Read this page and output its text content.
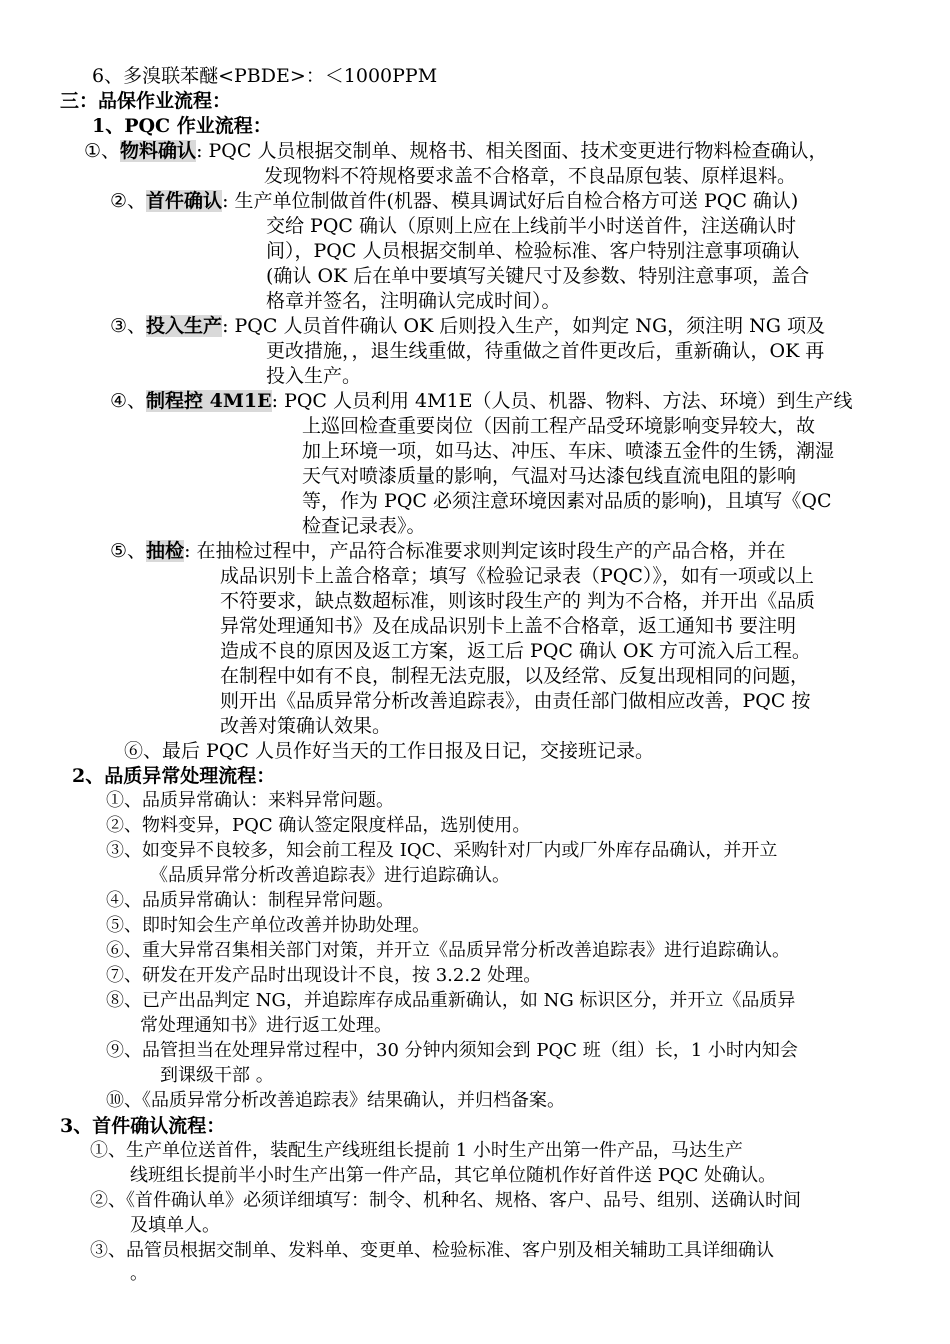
6、多溴联苯醚<PBDE>：＜1000PPM
三：品保作业流程：
1、PQC 作业流程：
①、物料确认: PQC 人员根据交制单、规格书、相关图面、技术变更进行物料检查确认，
发现物料不符规格要求盖不合格章，不良品原包装、原样退料。
②、首件确认: 生产单位制做首件(机器、模具调试好后自检合格方可送 PQC 确认)
交给 PQC 确认（原则上应在上线前半小时送首件，注送确认时
间），PQC 人员根据交制单、检验标准、客户特别注意事项确认
(确认 OK 后在单中要填写关键尺寸及参数、特别注意事项，盖合
格章并签名，注明确认完成时间）。
③、投入生产: PQC 人员首件确认 OK 后则投入生产，如判定 NG，须注明 NG 项及
更改措施，，退生线重做，待重做之首件更改后，重新确认，OK 再
投入生产。
④、制程控 4M1E: PQC 人员利用 4M1E（人员、机器、物料、方法、环境）到生产线
上巡回检查重要岗位（因前工程产品受环境影响变异较大，故
加上环境一项，如马达、冲压、车床、喷漆五金件的生锈，潮湿
天气对喷漆质量的影响，气温对马达漆包线直流电阻的影响
等，作为 PQC 必须注意环境因素对品质的影响)，且填写《QC
检查记录表》。
⑤、抽检: 在抽检过程中，产品符合标准要求则判定该时段生产的产品合格，并在
成品识别卡上盖合格章；填写《检验记录表（PQC）》，如有一项或以上
不符要求，缺点数超标准，则该时段生产的 判为不合格，并开出《品质
异常处理通知书》及在成品识别卡上盖不合格章，返工通知书 要注明
造成不良的原因及返工方案，返工后 PQC 确认 OK 方可流入后工程。
在制程中如有不良，制程无法克服，以及经常、反复出现相同的问题，
则开出《品质异常分析改善追踪表》，由责任部门做相应改善，PQC 按
改善对策确认效果。
⑥、最后 PQC 人员作好当天的工作日报及日记，交接班记录。
2、品质异常处理流程：
①、品质异常确认：来料异常问题。
②、物料变异，PQC 确认签定限度样品，选别使用。
③、如变异不良较多，知会前工程及 IQC、采购针对厂内或厂外库存品确认，并开立
《品质异常分析改善追踪表》进行追踪确认。
④、品质异常确认：制程异常问题。
⑤、即时知会生产单位改善并协助处理。
⑥、重大异常召集相关部门对策，并开立《品质异常分析改善追踪表》进行追踪确认。
⑦、研发在开发产品时出现设计不良，按 3.2.2 处理。
⑧、已产出品判定 NG，并追踪库存成品重新确认，如 NG 标识区分，并开立《品质异
常处理通知书》进行返工处理。
⑨、品管担当在处理异常过程中，30 分钟内须知会到 PQC 班（组）长，1 小时内知会
到课级干部 。
⑩、《品质异常分析改善追踪表》结果确认，并归档备案。
3、首件确认流程：
①、生产单位送首件，装配生产线班组长提前 1 小时生产出第一件产品，马达生产
线班组长提前半小时生产出第一件产品，其它单位随机作好首件送 PQC 处确认。
②、《首件确认单》必须详细填写：制令、机种名、规格、客户、品号、组别、送确认时间
及填单人。
③、品管员根据交制单、发料单、变更单、检验标准、客户别及相关辅助工具详细确认
。
